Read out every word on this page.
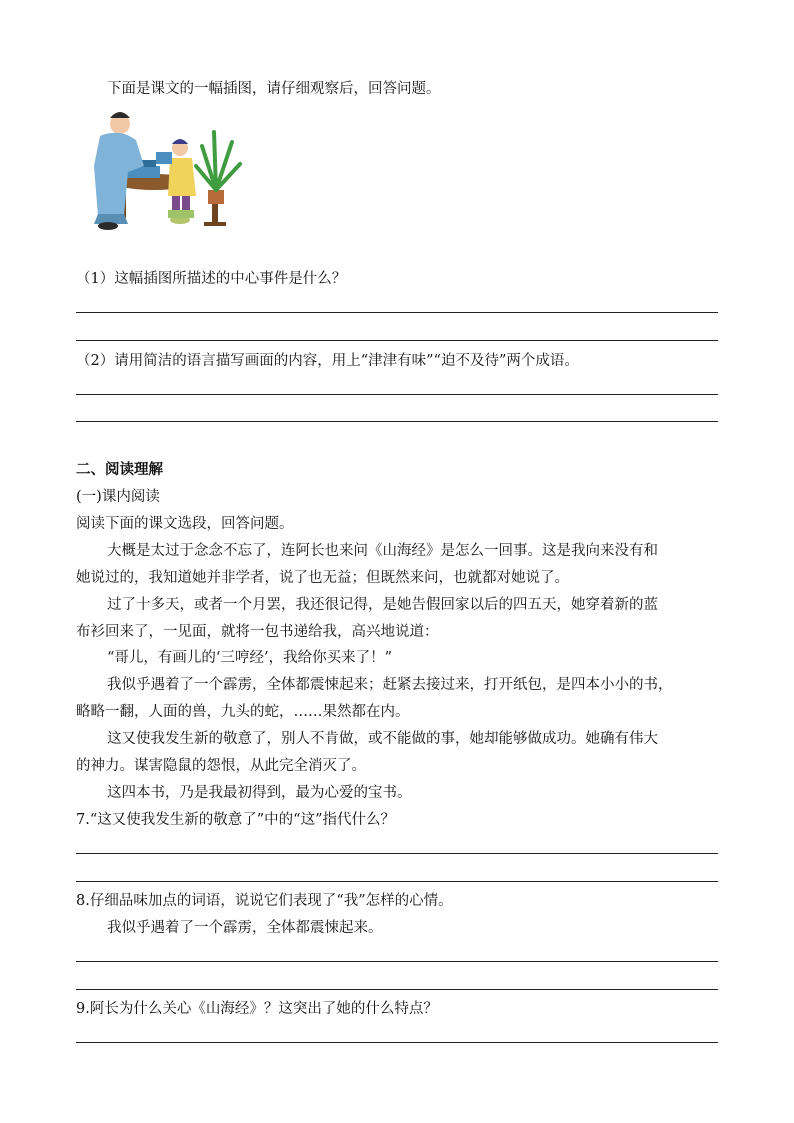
下面是课文的一幅插图，请仔细观察后，回答问题。
（1）这幅插图所描述的中心事件是什么？
（2）请用简洁的语言描写画面的内容，用上“津津有味”“迫不及待”两个成语。
二、阅读理解
(一)课内阅读
阅读下面的课文选段，回答问题。
大概是太过于念念不忘了，连阿长也来问《山海经》是怎么一回事。这是我向来没有和
她说过的，我知道她并非学者，说了也无益；但既然来问，也就都对她说了。
过了十多天，或者一个月罢，我还很记得，是她告假回家以后的四五天，她穿着新的蓝
布衫回来了，一见面，就将一包书递给我，高兴地说道：
“哥儿，有画儿的‘三哼经’，我给你买来了！”
我似乎遇着了一个霹雳，全体都震悚起来；赶紧去接过来，打开纸包，是四本小小的书，
略略一翻，人面的兽，九头的蛇，……果然都在内。
这又使我发生新的敬意了，别人不肯做，或不能做的事，她却能够做成功。她确有伟大
的神力。谋害隐鼠的怨恨，从此完全消灭了。
这四本书，乃是我最初得到，最为心爱的宝书。
7.“这又使我发生新的敬意了”中的“这”指代什么？
8.仔细品味加点的词语，说说它们表现了“我”怎样的心情。
我似乎遇着了一个霹雳，全体都震悚起来。
9.阿长为什么关心《山海经》？这突出了她的什么特点？
